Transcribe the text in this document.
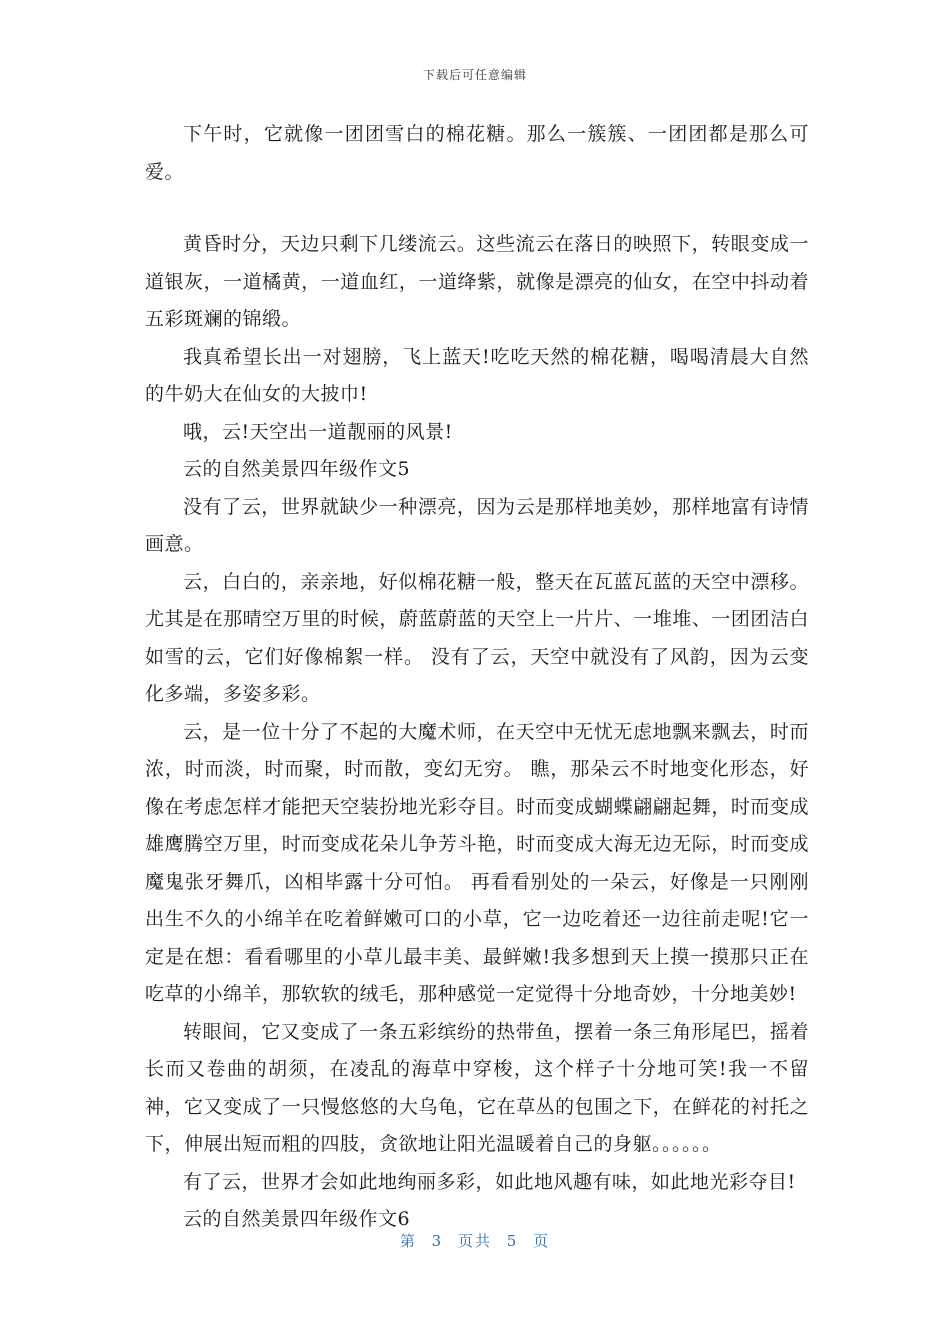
下载后可任意编辑

下午时，它就像一团团雪白的棉花糖。那么一簇簇、一团团都是那么可爱。

黄昏时分，天边只剩下几缕流云。这些流云在落日的映照下，转眼变成一道银灰，一道橘黄，一道血红，一道绛紫，就像是漂亮的仙女，在空中抖动着五彩斑斓的锦缎。

我真希望长出一对翅膀，飞上蓝天!吃吃天然的棉花糖，喝喝清晨大自然的牛奶大在仙女的大披巾!

哦，云!天空出一道靓丽的风景!

云的自然美景四年级作文5

没有了云，世界就缺少一种漂亮，因为云是那样地美妙，那样地富有诗情画意。

云，白白的，亲亲地，好似棉花糖一般，整天在瓦蓝瓦蓝的天空中漂移。尤其是在那晴空万里的时候，蔚蓝蔚蓝的天空上一片片、一堆堆、一团团洁白如雪的云，它们好像棉絮一样。 没有了云，天空中就没有了风韵，因为云变化多端，多姿多彩。

云，是一位十分了不起的大魔术师，在天空中无忧无虑地飘来飘去，时而浓，时而淡，时而聚，时而散，变幻无穷。 瞧，那朵云不时地变化形态，好像在考虑怎样才能把天空装扮地光彩夺目。时而变成蝴蝶翩翩起舞，时而变成雄鹰腾空万里，时而变成花朵儿争芳斗艳，时而变成大海无边无际，时而变成魔鬼张牙舞爪，凶相毕露十分可怕。 再看看别处的一朵云，好像是一只刚刚出生不久的小绵羊在吃着鲜嫩可口的小草，它一边吃着还一边往前走呢!它一定是在想：看看哪里的小草儿最丰美、最鲜嫩!我多想到天上摸一摸那只正在吃草的小绵羊，那软软的绒毛，那种感觉一定觉得十分地奇妙，十分地美妙!

转眼间，它又变成了一条五彩缤纷的热带鱼，摆着一条三角形尾巴，摇着长而又卷曲的胡须，在凌乱的海草中穿梭，这个样子十分地可笑!我一不留神，它又变成了一只慢悠悠的大乌龟，它在草丛的包围之下，在鲜花的衬托之下，伸展出短而粗的四肢，贪欲地让阳光温暖着自己的身躯。。。。。。

有了云，世界才会如此地绚丽多彩，如此地风趣有味，如此地光彩夺目!

云的自然美景四年级作文6

第 3 页共 5 页
